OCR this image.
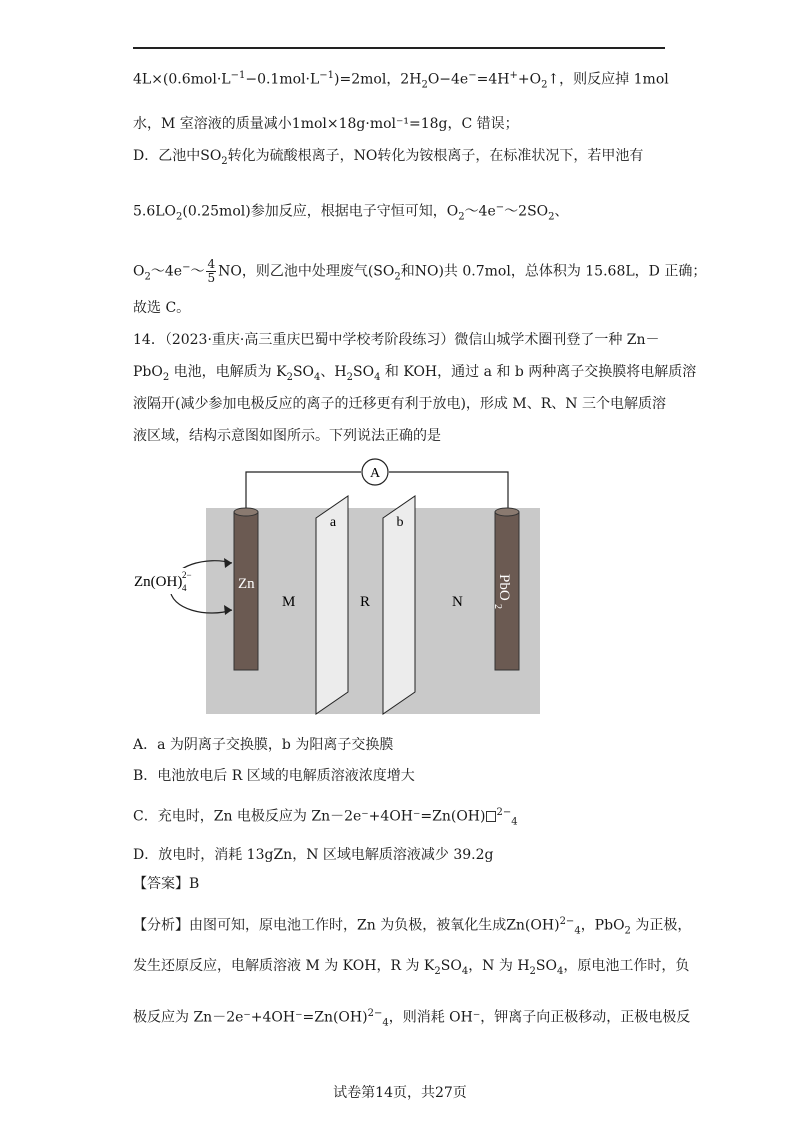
$4L\times(0.6mol\cdot L^{-1}-0.1mol\cdot L^{-1})=2mol$，$2H_2O-4e^-=4H^++O_2↑$，则反应掉 1mol
水，M 室溶液的质量减小1mol×18g·mol⁻¹=18g，C 错误；
D．乙池中$SO_2$转化为硫酸根离子，NO转化为铵根离子，在标准状况下，若甲池有
$5.6LO_2(0.25mol)$参加反应，根据电子守恒可知，$O_2\sim 4e^-\sim 2SO_2$、
$O_2\sim 4e^-\sim \frac{4}{5}$ NO，则乙池中处理废气($SO_2$和NO)共 0.7mol，总体积为 15.68L，D 正确；
故选 C。
14．（2023·重庆·高三重庆巴蜀中学校考阶段练习）微信山城学术圈刊登了一种 Zn－
PbO$_2$ 电池，电解质为 $K_2SO_4$、$H_2SO_4$ 和 KOH，通过 a 和 b 两种离子交换膜将电解质溶
液隔开(减少参加电极反应的离子的迁移更有利于放电)，形成 M、R、N 三个电解质溶
液区域，结构示意图如图所示。下列说法正确的是
A
a	b
Zn
M	R	N
PbO
2
Zn(OH) 2−
4
A．a 为阴离子交换膜，b 为阳离子交换膜
B．电池放电后 R 区域的电解质溶液浓度增大
C．充电时，Zn 电极反应为 Zn－2e⁻+4OH⁻=Zn(OH) $^{2-}_4$
D．放电时，消耗 13gZn，N 区域电解质溶液减少 39.2g
【答案】B
【分析】由图可知，原电池工作时，Zn 为负极，被氧化生成Zn(OH)$^{2-}_4$，PbO$_2$ 为正极，
发生还原反应，电解质溶液 M 为 KOH，R 为 $K_2SO_4$，N 为 $H_2SO_4$，原电池工作时，负
极反应为 Zn－2e⁻+4OH⁻=Zn(OH)$^{2-}_4$，则消耗 OH⁻，钾离子向正极移动，正极电极反
试卷第14页，共27页
